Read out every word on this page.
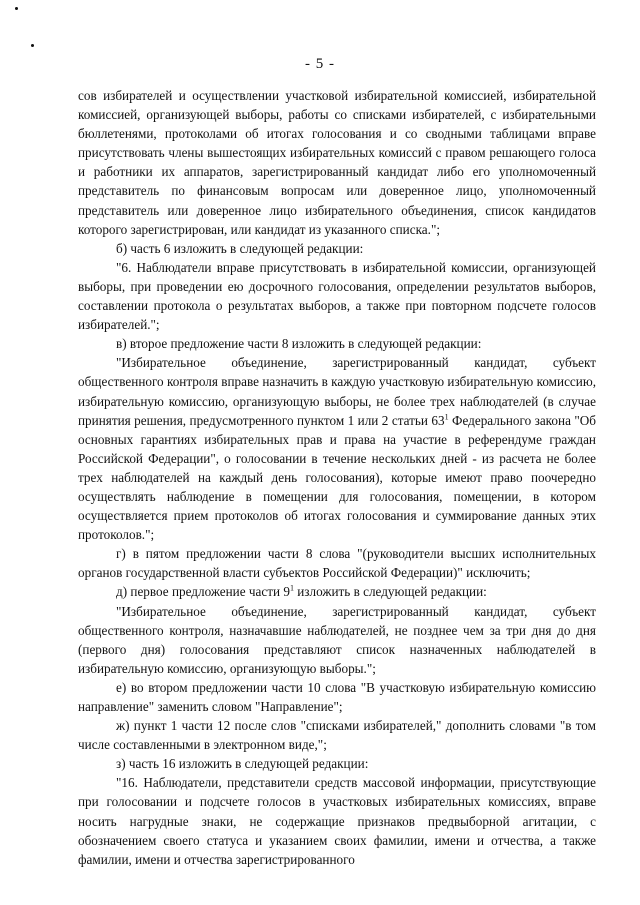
- 5 -

сов избирателей и осуществлении участковой избирательной комиссией, избирательной комиссией, организующей выборы, работы со списками избирателей, с избирательными бюллетенями, протоколами об итогах голосования и со сводными таблицами вправе присутствовать члены вышестоящих избирательных комиссий с правом решающего голоса и работники их аппаратов, зарегистрированный кандидат либо его уполномоченный представитель по финансовым вопросам или доверенное лицо, уполномоченный представитель или доверенное лицо избирательного объединения, список кандидатов которого зарегистрирован, или кандидат из указанного списка.";

б) часть 6 изложить в следующей редакции:

"6. Наблюдатели вправе присутствовать в избирательной комиссии, организующей выборы, при проведении ею досрочного голосования, определении результатов выборов, составлении протокола о результатах выборов, а также при повторном подсчете голосов избирателей.";

в) второе предложение части 8 изложить в следующей редакции:

"Избирательное объединение, зарегистрированный кандидат, субъект общественного контроля вправе назначить в каждую участковую избирательную комиссию, избирательную комиссию, организующую выборы, не более трех наблюдателей (в случае принятия решения, предусмотренного пунктом 1 или 2 статьи $63^1$ Федерального закона "Об основных гарантиях избирательных прав и права на участие в референдуме граждан Российской Федерации", о голосовании в течение нескольких дней - из расчета не более трех наблюдателей на каждый день голосования), которые имеют право поочередно осуществлять наблюдение в помещении для голосования, помещении, в котором осуществляется прием протоколов об итогах голосования и суммирование данных этих протоколов.";

г) в пятом предложении части 8 слова "(руководители высших исполнительных органов государственной власти субъектов Российской Федерации)" исключить;

д) первое предложение части $9^1$ изложить в следующей редакции:

"Избирательное объединение, зарегистрированный кандидат, субъект общественного контроля, назначавшие наблюдателей, не позднее чем за три дня до дня (первого дня) голосования представляют список назначенных наблюдателей в избирательную комиссию, организующую выборы.";

е) во втором предложении части 10 слова "В участковую избирательную комиссию направление" заменить словом "Направление";

ж) пункт 1 части 12 после слов "списками избирателей," дополнить словами "в том числе составленными в электронном виде,";

з) часть 16 изложить в следующей редакции:

"16. Наблюдатели, представители средств массовой информации, присутствующие при голосовании и подсчете голосов в участковых избирательных комиссиях, вправе носить нагрудные знаки, не содержащие признаков предвыборной агитации, с обозначением своего статуса и указанием своих фамилии, имени и отчества, а также фамилии, имени и отчества зарегистрированного
